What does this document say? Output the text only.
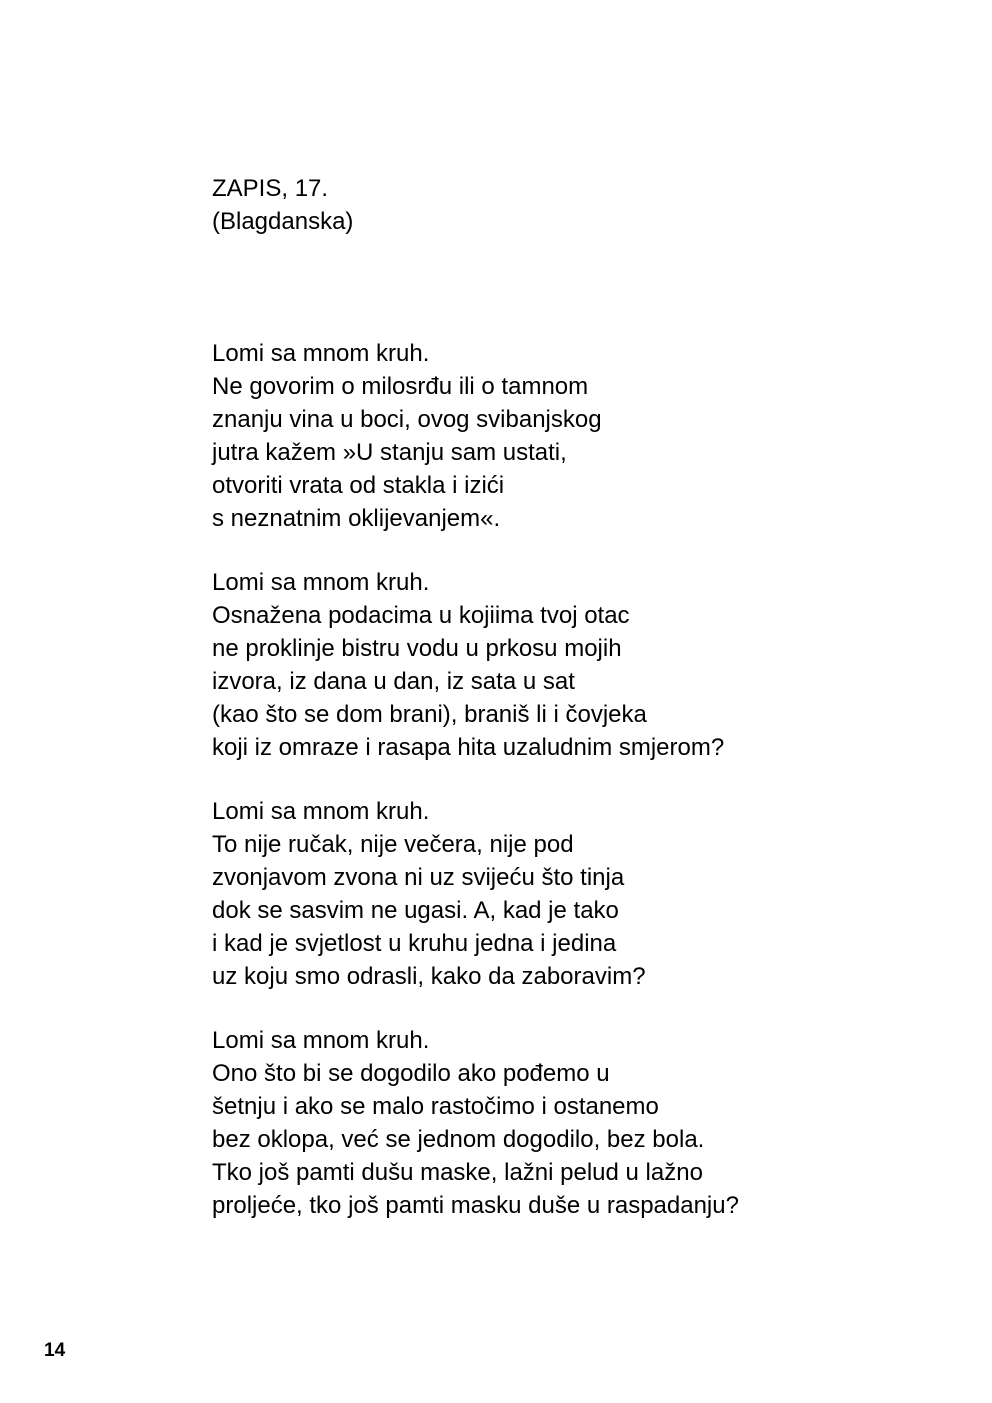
ZAPIS, 17.
(Blagdanska)
Lomi sa mnom kruh.
Ne govorim o milosrđu ili o tamnom
znanju vina u boci, ovog svibanjskog
jutra kažem »U stanju sam ustati,
otvoriti vrata od stakla i izići
s neznatnim oklijevanjem«.
Lomi sa mnom kruh.
Osnažena podacima u kojiima tvoj otac
ne proklinje bistru vodu u prkosu mojih
izvora, iz dana u dan, iz sata u sat
(kao što se dom brani), braniš li i čovjeka
koji iz omraze i rasapa hita uzaludnim smjerom?
Lomi sa mnom kruh.
To nije ručak, nije večera, nije pod
zvonjavom zvona ni uz svijeću što tinja
dok se sasvim ne ugasi. A, kad je tako
i kad je svjetlost u kruhu jedna i jedina
uz koju smo odrasli, kako da zaboravim?
Lomi sa mnom kruh.
Ono što bi se dogodilo ako pođemo u
šetnju i ako se malo rastočimo i ostanemo
bez oklopa, već se jednom dogodilo, bez bola.
Tko još pamti dušu maske, lažni pelud u lažno
proljeće, tko još pamti masku duše u raspadanju?
14
